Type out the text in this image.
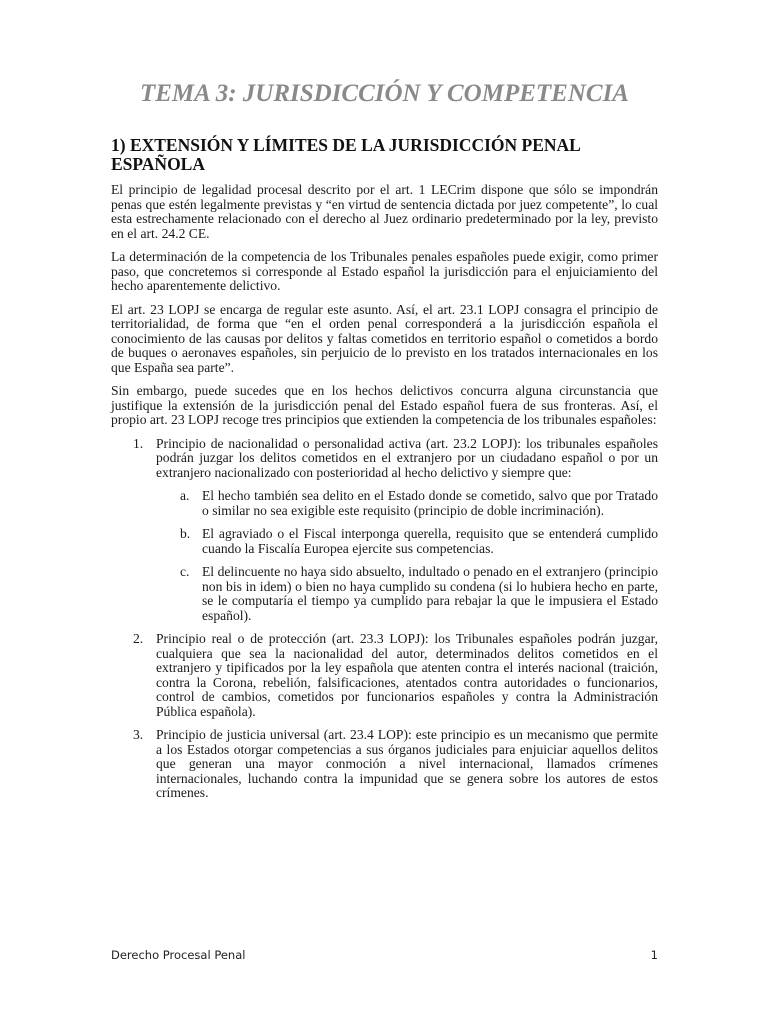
TEMA 3: JURISDICCIÓN Y COMPETENCIA
1) EXTENSIÓN Y LÍMITES DE LA JURISDICCIÓN PENAL ESPAÑOLA

El principio de legalidad procesal descrito por el art. 1 LECrim dispone que sólo se impondrán penas que estén legalmente previstas y “en virtud de sentencia dictada por juez competente”, lo cual esta estrechamente relacionado con el derecho al Juez ordinario predeterminado por la ley, previsto en el art. 24.2 CE.

La determinación de la competencia de los Tribunales penales españoles puede exigir, como primer paso, que concretemos si corresponde al Estado español la jurisdicción para el enjuiciamiento del hecho aparentemente delictivo.

El art. 23 LOPJ se encarga de regular este asunto. Así, el art. 23.1 LOPJ consagra el principio de territorialidad, de forma que “en el orden penal corresponderá a la jurisdicción española el conocimiento de las causas por delitos y faltas cometidos en territorio español o cometidos a bordo de buques o aeronaves españoles, sin perjuicio de lo previsto en los tratados internacionales en los que España sea parte”.

Sin embargo, puede sucedes que en los hechos delictivos concurra alguna circunstancia que justifique la extensión de la jurisdicción penal del Estado español fuera de sus fronteras. Así, el propio art. 23 LOPJ recoge tres principios que extienden la competencia de los tribunales españoles:

1. Principio de nacionalidad o personalidad activa (art. 23.2 LOPJ): los tribunales españoles podrán juzgar los delitos cometidos en el extranjero por un ciudadano español o por un extranjero nacionalizado con posterioridad al hecho delictivo y siempre que:
a. El hecho también sea delito en el Estado donde se cometido, salvo que por Tratado o similar no sea exigible este requisito (principio de doble incriminación).
b. El agraviado o el Fiscal interponga querella, requisito que se entenderá cumplido cuando la Fiscalía Europea ejercite sus competencias.
c. El delincuente no haya sido absuelto, indultado o penado en el extranjero (principio non bis in idem) o bien no haya cumplido su condena (si lo hubiera hecho en parte, se le computaría el tiempo ya cumplido para rebajar la que le impusiera el Estado español).
2. Principio real o de protección (art. 23.3 LOPJ): los Tribunales españoles podrán juzgar, cualquiera que sea la nacionalidad del autor, determinados delitos cometidos en el extranjero y tipificados por la ley española que atenten contra el interés nacional (traición, contra la Corona, rebelión, falsificaciones, atentados contra autoridades o funcionarios, control de cambios, cometidos por funcionarios españoles y contra la Administración Pública española).
3. Principio de justicia universal (art. 23.4 LOP): este principio es un mecanismo que permite a los Estados otorgar competencias a sus órganos judiciales para enjuiciar aquellos delitos que generan una mayor conmoción a nivel internacional, llamados crímenes internacionales, luchando contra la impunidad que se genera sobre los autores de estos crímenes.
Derecho Procesal Penal	1
